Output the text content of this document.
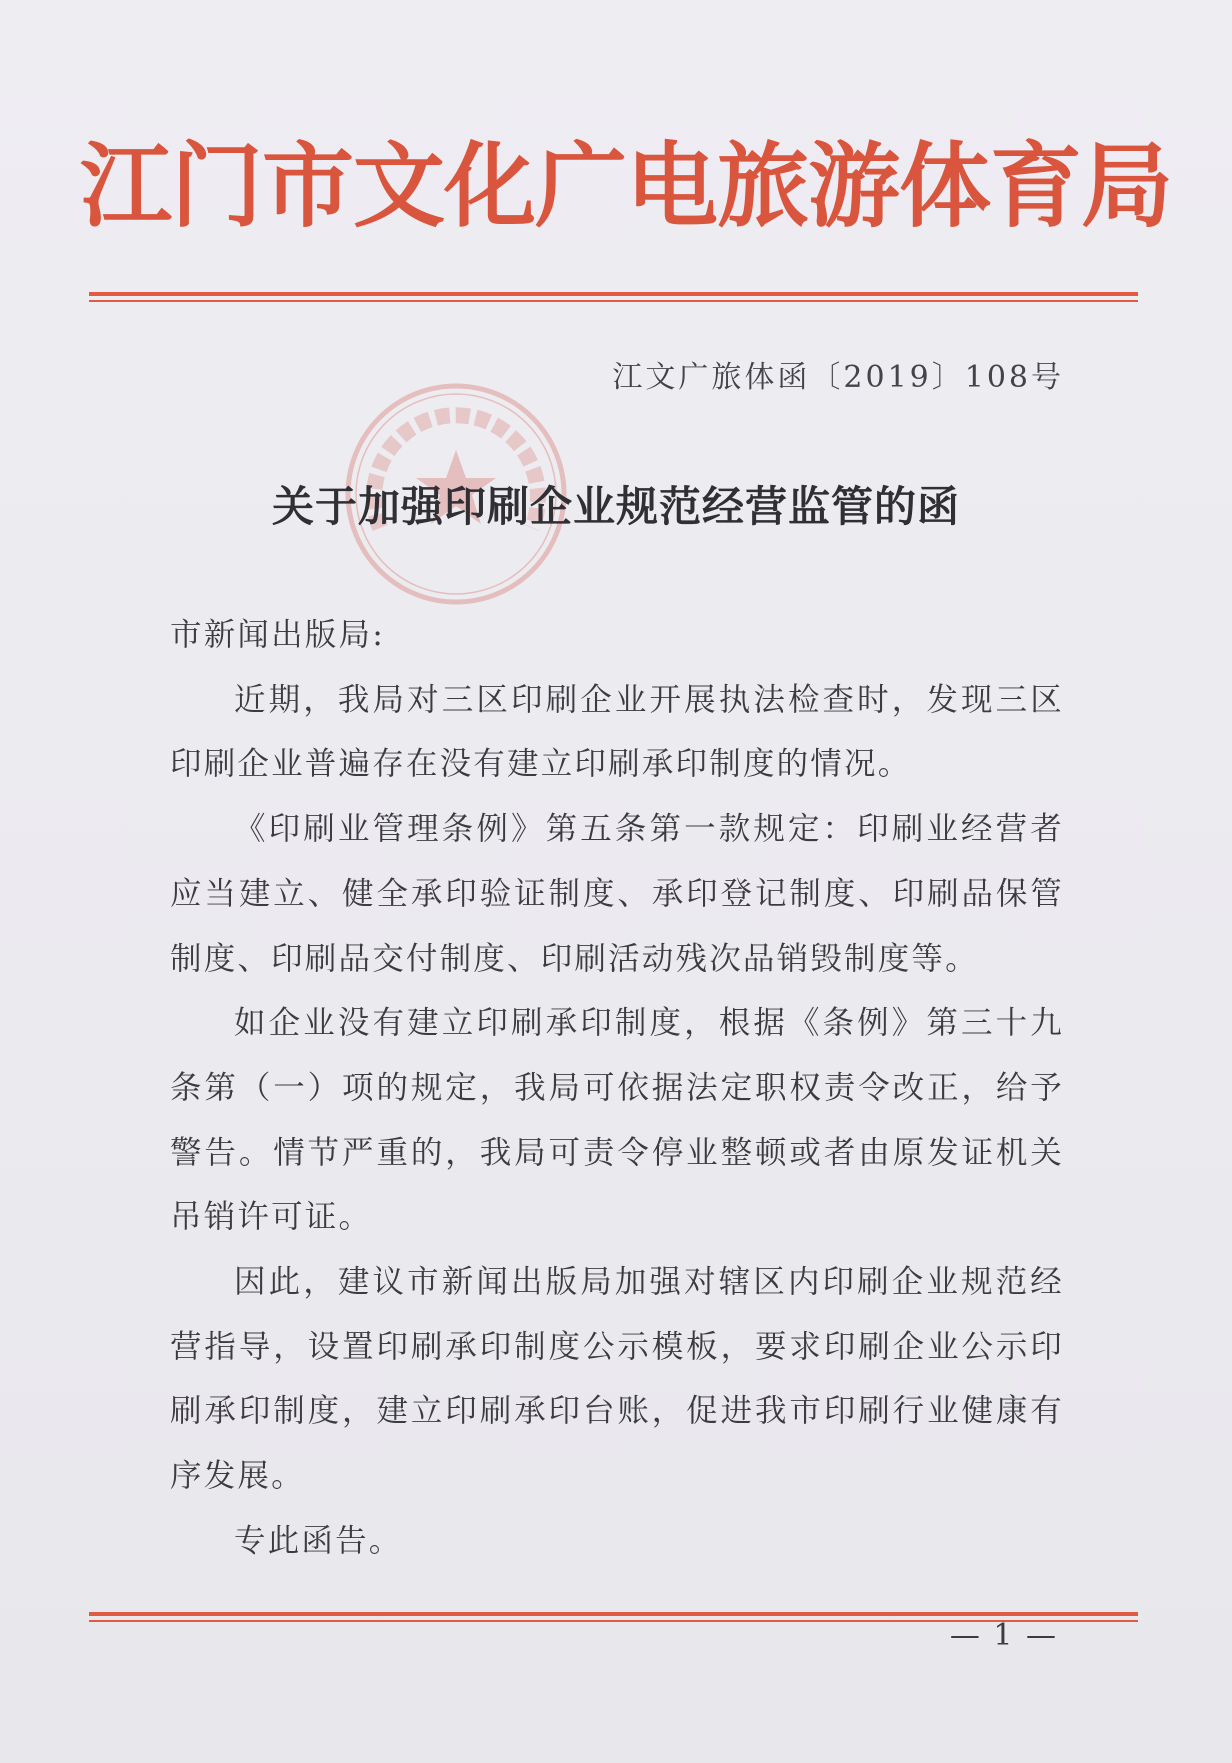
江门市文化广电旅游体育局
江文广旅体函〔2019〕108号
关于加强印刷企业规范经营监管的函

市新闻出版局:

近期，我局对三区印刷企业开展执法检查时，发现三区印刷企业普遍存在没有建立印刷承印制度的情况。

《印刷业管理条例》第五条第一款规定：印刷业经营者应当建立、健全承印验证制度、承印登记制度、印刷品保管制度、印刷品交付制度、印刷活动残次品销毁制度等。

如企业没有建立印刷承印制度，根据《条例》第三十九条第（一）项的规定，我局可依据法定职权责令改正，给予警告。情节严重的，我局可责令停业整顿或者由原发证机关吊销许可证。

因此，建议市新闻出版局加强对辖区内印刷企业规范经营指导，设置印刷承印制度公示模板，要求印刷企业公示印刷承印制度，建立印刷承印台账，促进我市印刷行业健康有序发展。

专此函告。

— 1 —
